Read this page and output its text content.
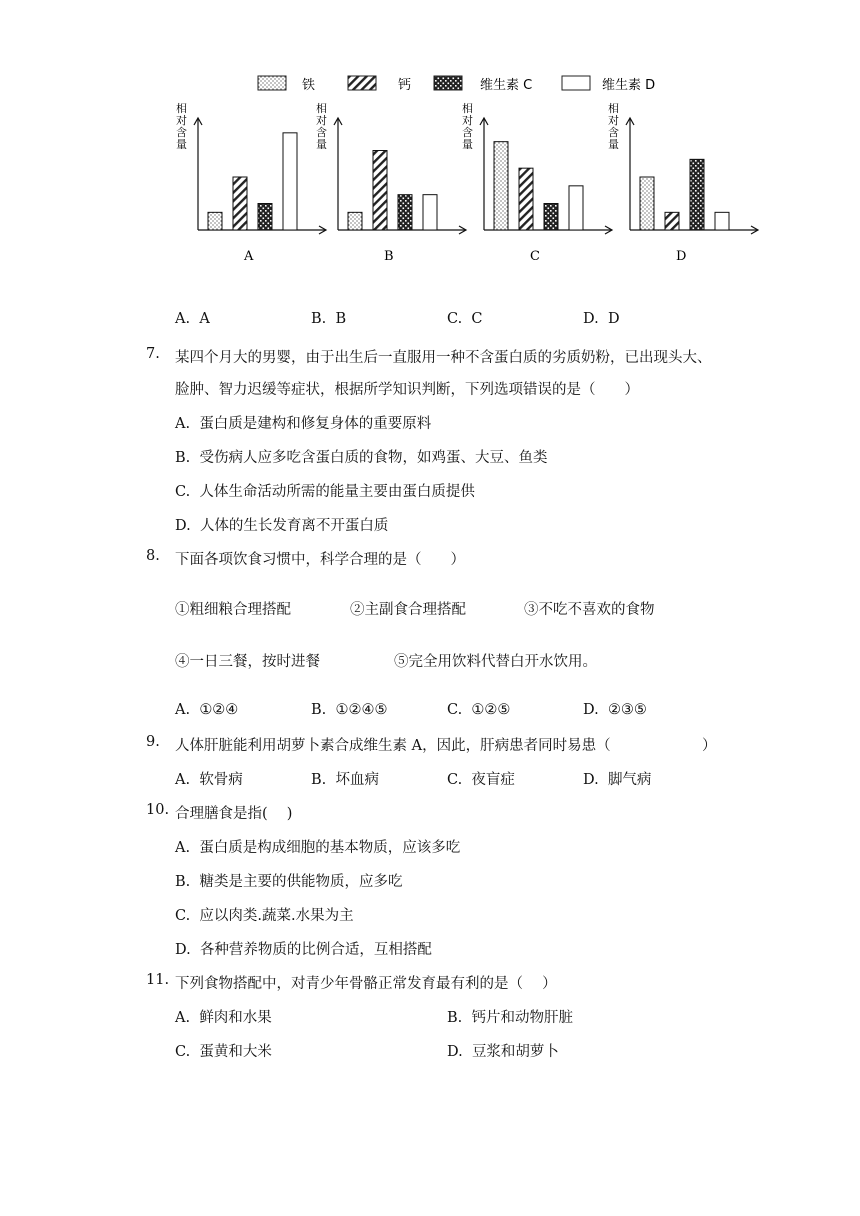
铁	钙	维生素 C	维生素 D
相
对
含
量
A
相
对
含
量
B
相
对
含
量
C
相
对
含
量
D
A. A	B. B	C. C	D. D
7. 某四个月大的男婴，由于出生后一直服用一种不含蛋白质的劣质奶粉，已出现头大、
脸肿、智力迟缓等症状，根据所学知识判断，下列选项错误的是（　　）
A. 蛋白质是建构和修复身体的重要原料
B. 受伤病人应多吃含蛋白质的食物，如鸡蛋、大豆、鱼类
C. 人体生命活动所需的能量主要由蛋白质提供
D. 人体的生长发育离不开蛋白质
8. 下面各项饮食习惯中，科学合理的是（　　）
①粗细粮合理搭配	②主副食合理搭配	③不吃不喜欢的食物
④一日三餐，按时进餐	⑤完全用饮料代替白开水饮用。
A. ①②④	B. ①②④⑤	C. ①②⑤	D. ②③⑤
9. 人体肝脏能利用胡萝卜素合成维生素 A，因此，肝病患者同时易患（	）
A. 软骨病	B. 坏血病	C. 夜盲症	D. 脚气病
10. 合理膳食是指(　 )
A. 蛋白质是构成细胞的基本物质，应该多吃
B. 糖类是主要的供能物质，应多吃
C. 应以肉类.蔬菜.水果为主
D. 各种营养物质的比例合适，互相搭配
11. 下列食物搭配中，对青少年骨骼正常发育最有利的是（　 ）
A. 鲜肉和水果	B. 钙片和动物肝脏
C. 蛋黄和大米	D. 豆浆和胡萝卜
